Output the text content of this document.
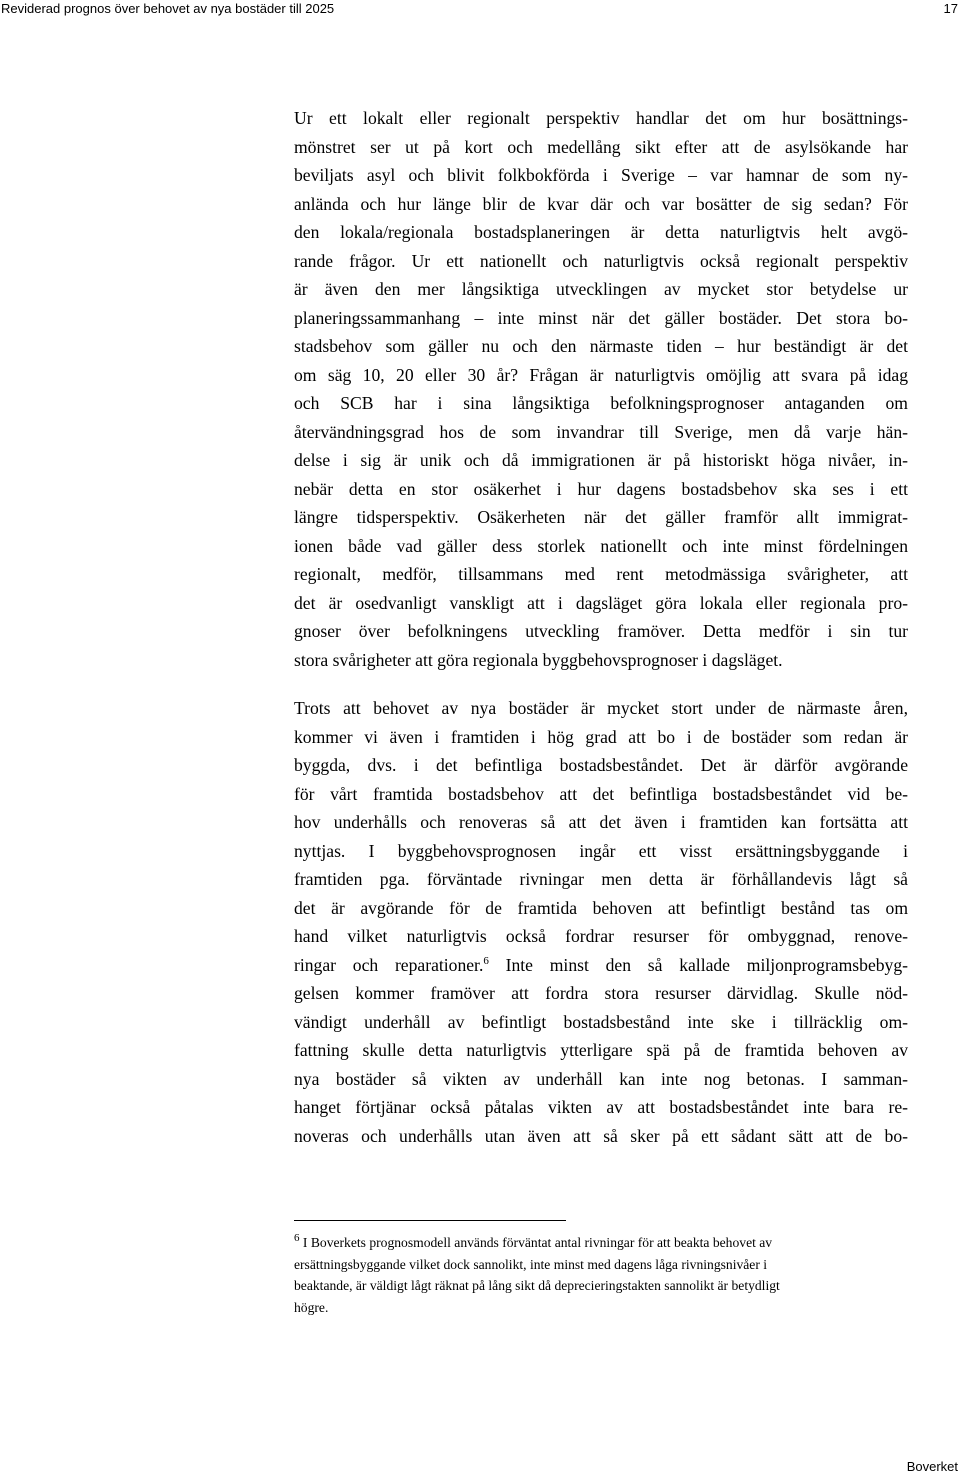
Reviderad prognos över behovet av nya bostäder till 2025	17
Ur ett lokalt eller regionalt perspektiv handlar det om hur bosättnings-
mönstret ser ut på kort och medellång sikt efter att de asylsökande har
beviljats asyl och blivit folkbokförda i Sverige – var hamnar de som ny-
anlända och hur länge blir de kvar där och var bosätter de sig sedan? För
den lokala/regionala bostadsplaneringen är detta naturligtvis helt avgö-
rande frågor. Ur ett nationellt och naturligtvis också regionalt perspektiv
är även den mer långsiktiga utvecklingen av mycket stor betydelse ur
planeringssammanhang – inte minst när det gäller bostäder. Det stora bo-
stadsbehov som gäller nu och den närmaste tiden – hur beständigt är det
om säg 10, 20 eller 30 år? Frågan är naturligtvis omöjlig att svara på idag
och SCB har i sina långsiktiga befolkningsprognoser antaganden om
återvändningsgrad hos de som invandrar till Sverige, men då varje hän-
delse i sig är unik och då immigrationen är på historiskt höga nivåer, in-
nebär detta en stor osäkerhet i hur dagens bostadsbehov ska ses i ett
längre tidsperspektiv. Osäkerheten när det gäller framför allt immigrat-
ionen både vad gäller dess storlek nationellt och inte minst fördelningen
regionalt, medför, tillsammans med rent metodmässiga svårigheter, att
det är osedvanligt vanskligt att i dagsläget göra lokala eller regionala pro-
gnoser över befolkningens utveckling framöver. Detta medför i sin tur
stora svårigheter att göra regionala byggbehovsprognoser i dagsläget.
Trots att behovet av nya bostäder är mycket stort under de närmaste åren,
kommer vi även i framtiden i hög grad att bo i de bostäder som redan är
byggda, dvs. i det befintliga bostadsbeståndet. Det är därför avgörande
för vårt framtida bostadsbehov att det befintliga bostadsbeståndet vid be-
hov underhålls och renoveras så att det även i framtiden kan fortsätta att
nyttjas. I byggbehovsprognosen ingår ett visst ersättningsbyggande i
framtiden pga. förväntade rivningar men detta är förhållandevis lågt så
det är avgörande för de framtida behoven att befintligt bestånd tas om
hand vilket naturligtvis också fordrar resurser för ombyggnad, renove-
ringar och reparationer.$^6$ Inte minst den så kallade miljonprogramsbebyg-
gelsen kommer framöver att fordra stora resurser därvidlag. Skulle nöd-
vändigt underhåll av befintligt bostadsbestånd inte ske i tillräcklig om-
fattning skulle detta naturligtvis ytterligare spä på de framtida behoven av
nya bostäder så vikten av underhåll kan inte nog betonas. I samman-
hanget förtjänar också påtalas vikten av att bostadsbeståndet inte bara re-
noveras och underhålls utan även att så sker på ett sådant sätt att de bo-
$^6$ I Boverkets prognosmodell används förväntat antal rivningar för att beakta behovet av
ersättningsbyggande vilket dock sannolikt, inte minst med dagens låga rivningsnivåer i
beaktande, är väldigt lågt räknat på lång sikt då deprecieringstakten sannolikt är betydligt
högre.
Boverket
